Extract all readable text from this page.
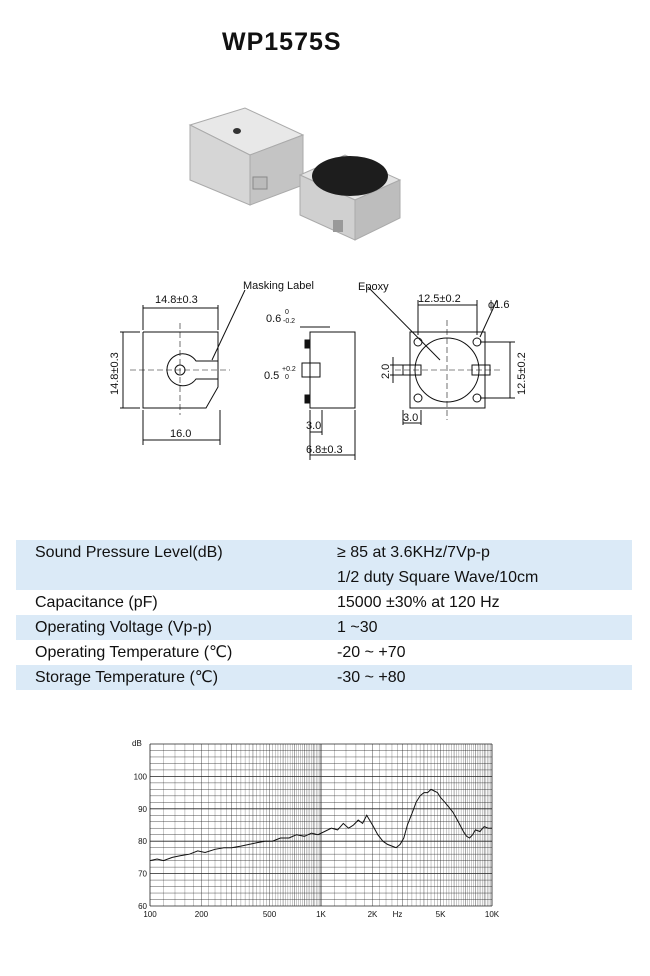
WP1575S
14.8±0.3
Masking Label
14.8±0.3
16.0
0.6
0
-0.2
0.5
+0.2
0
3.0
6.8±0.3
Epoxy
12.5±0.2 ϕ1.6
12.5±0.2
2.0
3.0
Sound Pressure Level(dB)	≥ 85 at 3.6KHz/7Vp-p
1/2 duty Square Wave/10cm
Capacitance (pF)	15000 ±30% at 120 Hz
Operating Voltage (Vp-p)	1 ~30
Operating Temperature (℃)	-20 ~ +70
Storage Temperature (℃)	-30 ~ +80
dB
60
70
80
90
100
100	200	500	1K	2K Hz	5K	10K
